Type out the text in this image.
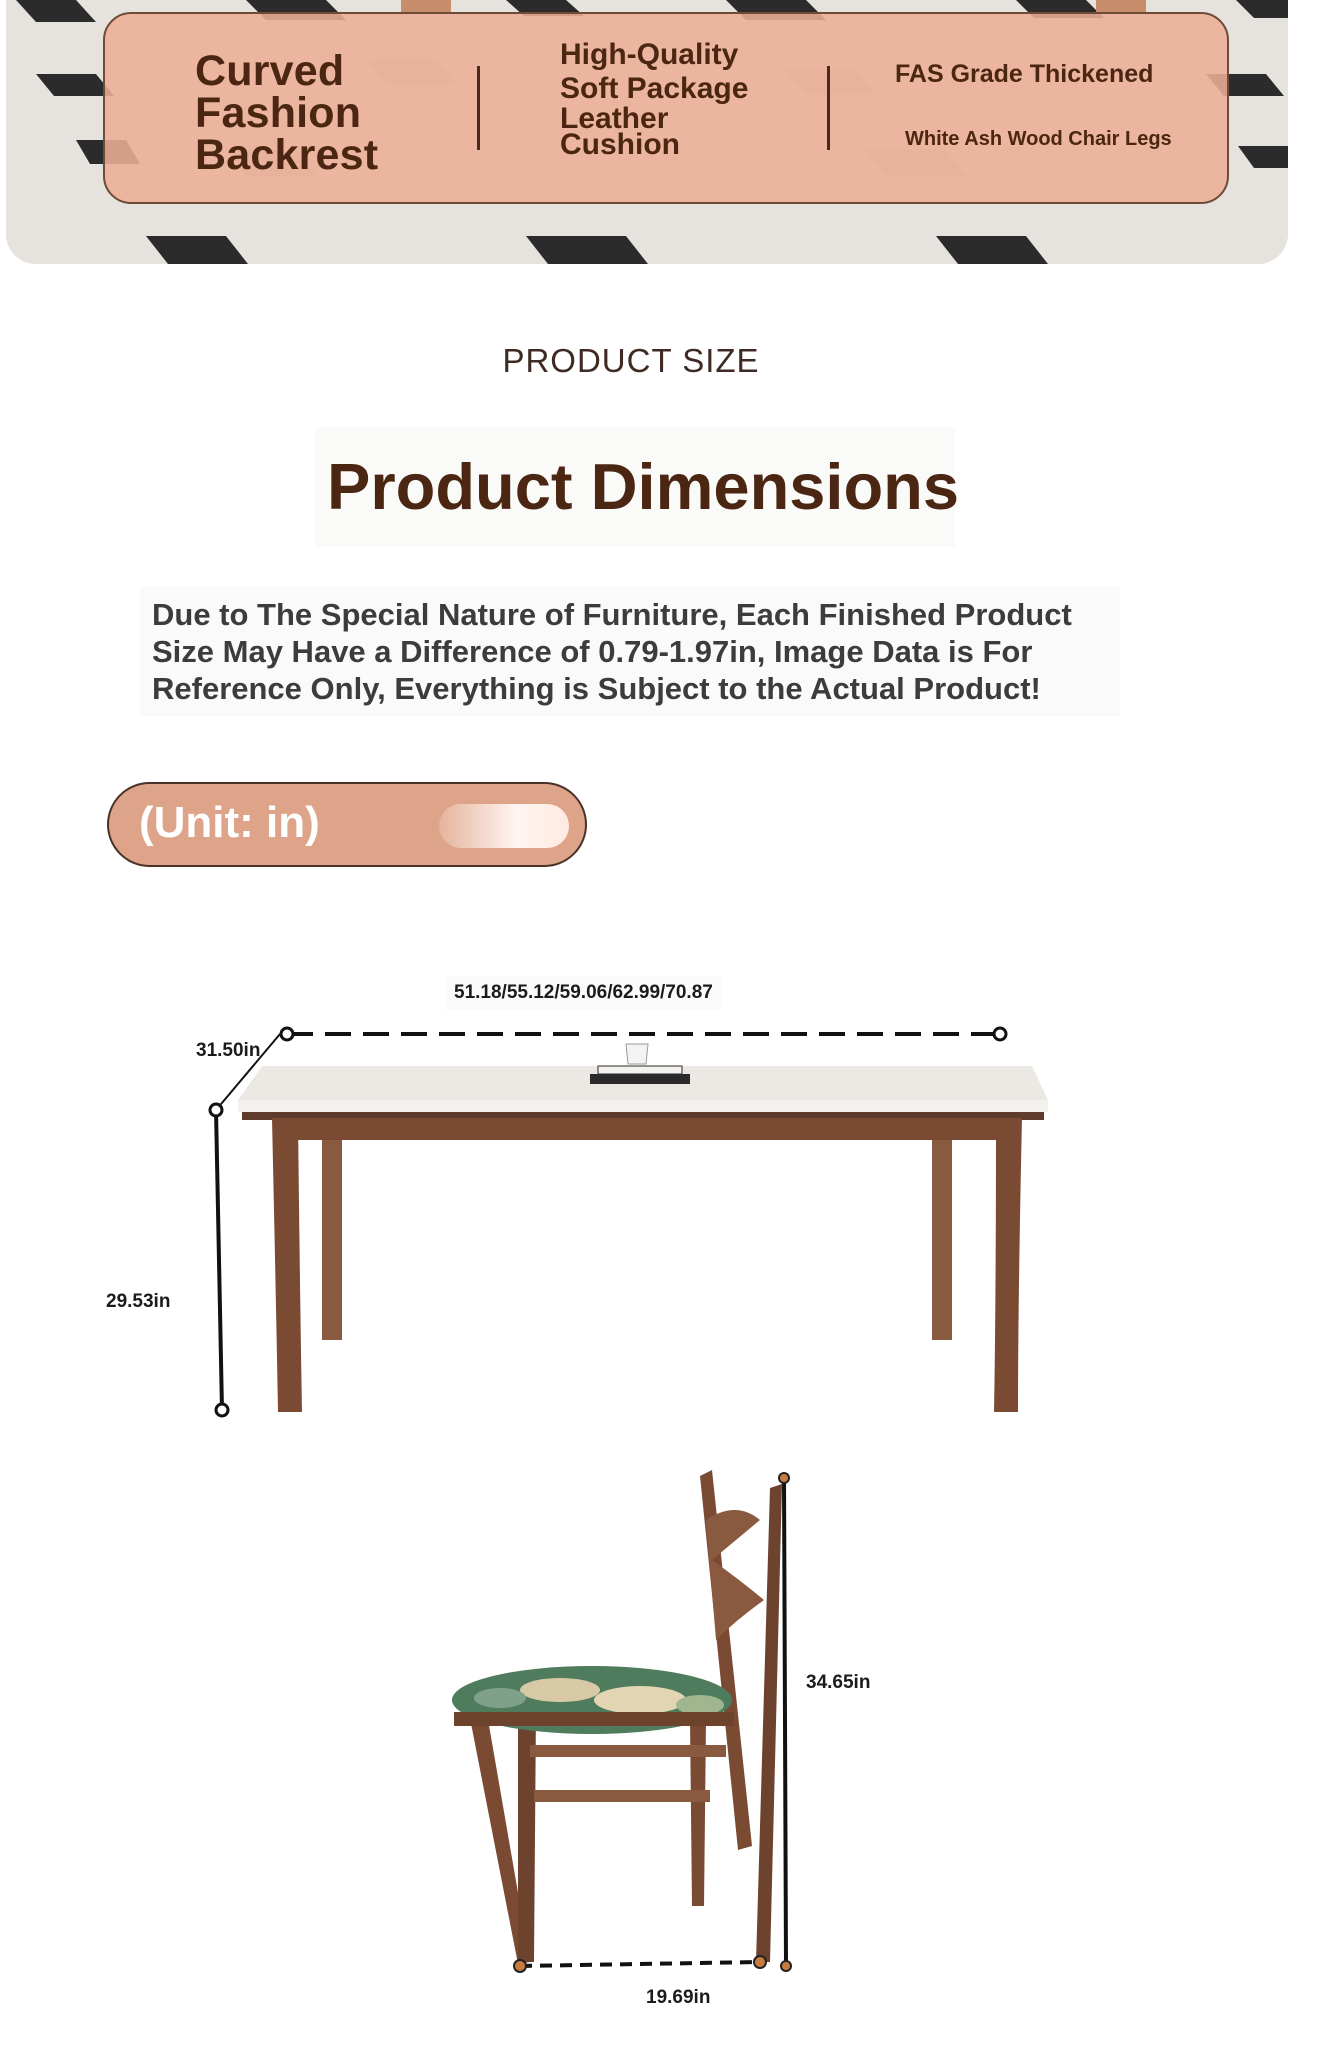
Curved Fashion Backrest
High-Quality
Soft Package
Leather
Cushion
FAS Grade Thickened
White Ash Wood Chair Legs
PRODUCT SIZE
Product Dimensions
Due to The Special Nature of Furniture, Each Finished Product Size May Have a Difference of 0.79-1.97in, Image Data is For Reference Only, Everything is Subject to the Actual Product!
(Unit: in)
51.18/55.12/59.06/62.99/70.87
31.50in
29.53in
34.65in
19.69in
